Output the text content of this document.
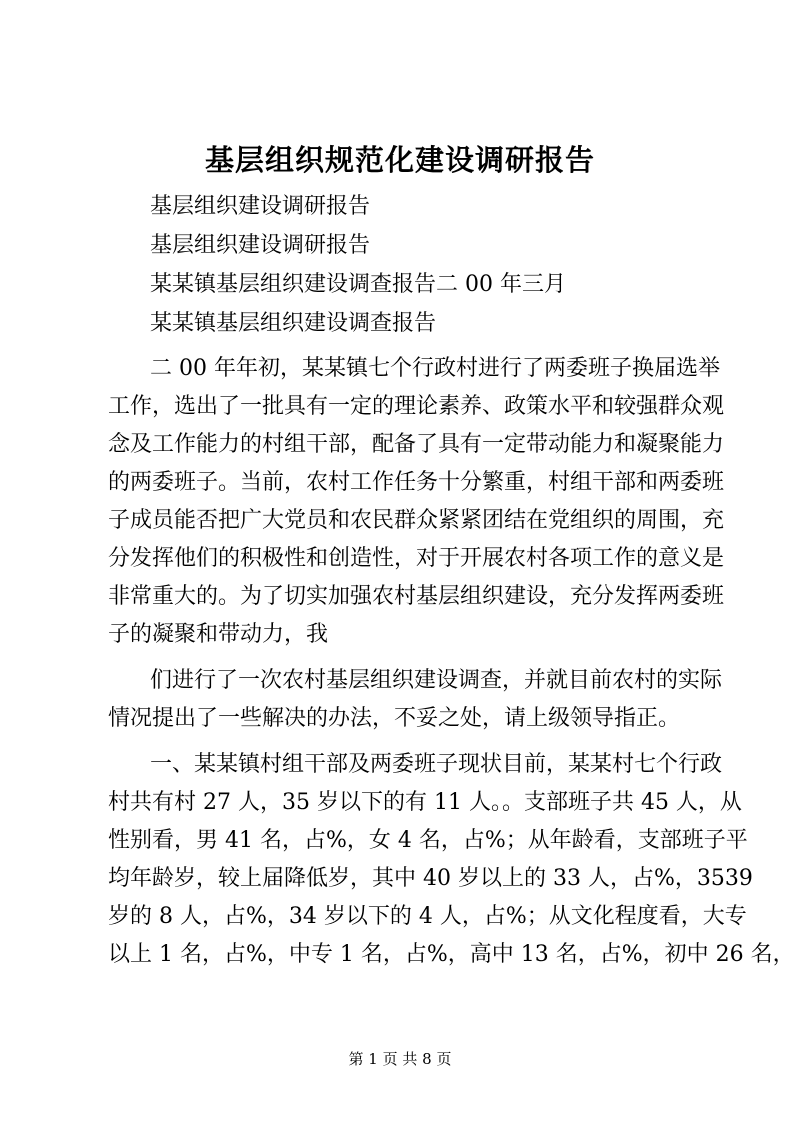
基层组织规范化建设调研报告
基层组织建设调研报告
基层组织建设调研报告
某某镇基层组织建设调查报告二 00 年三月
某某镇基层组织建设调查报告
二 00 年年初，某某镇七个行政村进行了两委班子换届选举
工作，选出了一批具有一定的理论素养、政策水平和较强群众观
念及工作能力的村组干部，配备了具有一定带动能力和凝聚能力
的两委班子。当前，农村工作任务十分繁重，村组干部和两委班
子成员能否把广大党员和农民群众紧紧团结在党组织的周围，充
分发挥他们的积极性和创造性，对于开展农村各项工作的意义是
非常重大的。为了切实加强农村基层组织建设，充分发挥两委班
子的凝聚和带动力，我
们进行了一次农村基层组织建设调查，并就目前农村的实际
情况提出了一些解决的办法，不妥之处，请上级领导指正。
一、某某镇村组干部及两委班子现状目前，某某村七个行政
村共有村 27 人，35 岁以下的有 11 人。。支部班子共 45 人，从
性别看，男 41 名，占%，女 4 名，占%；从年龄看，支部班子平
均年龄岁，较上届降低岁，其中 40 岁以上的 33 人，占%，3539
岁的 8 人，占%，34 岁以下的 4 人，占%；从文化程度看，大专
以上 1 名，占%，中专 1 名，占%，高中 13 名，占%，初中 26 名，
第 1 页 共 8 页
